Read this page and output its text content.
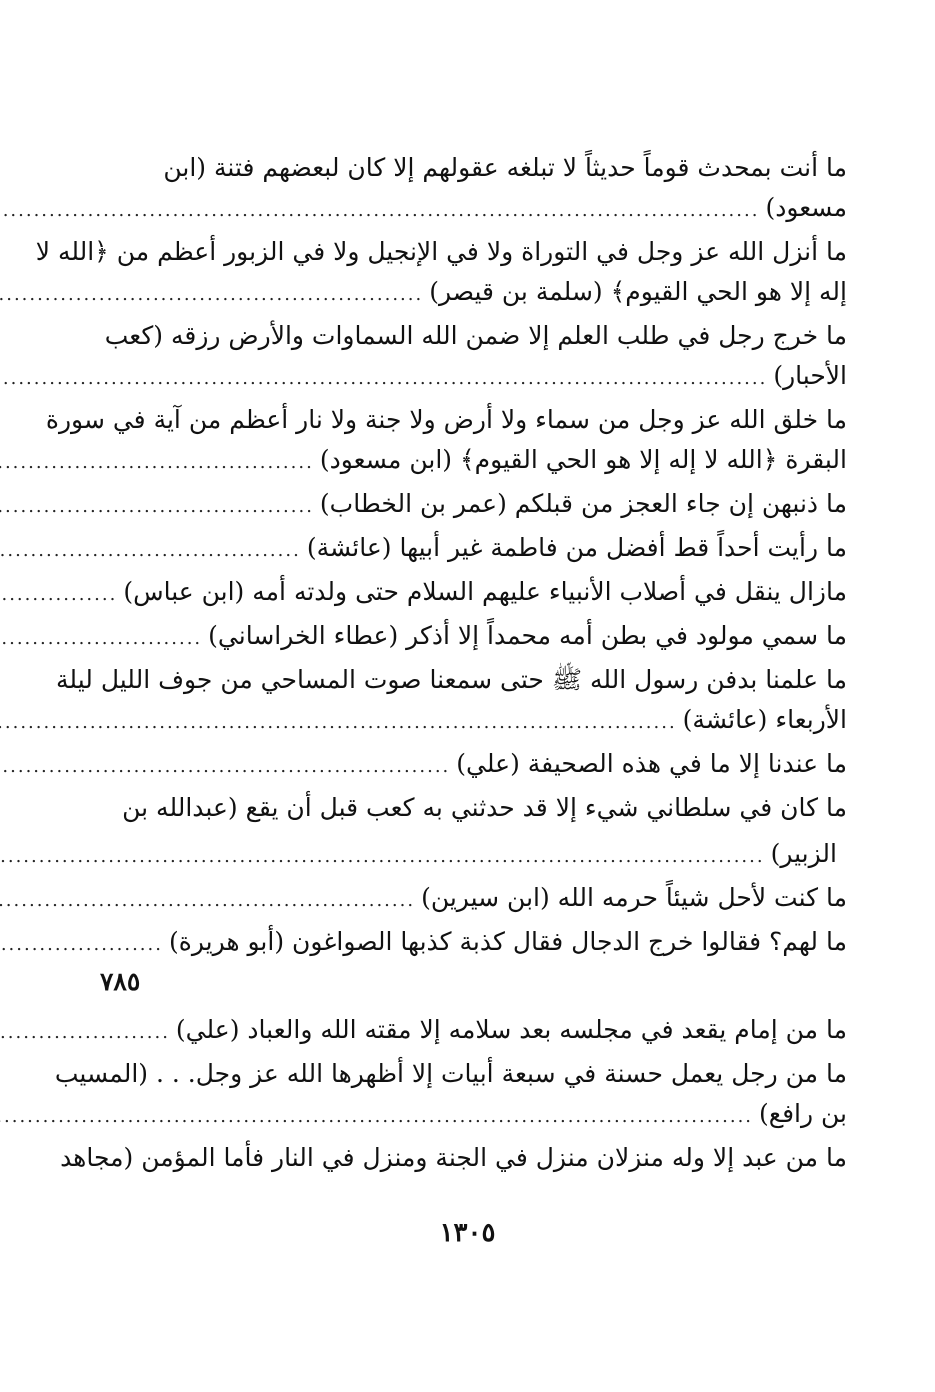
ما أنت بمحدث قوماً حديثاً لا تبلغه عقولهم إلا كان لبعضهم فتنة (ابن
مسعود)
.....
ما أنزل الله عز وجل في التوراة ولا في الإنجيل ولا في الزبور أعظم من ﴿الله لا
إله إلا هو الحي القيوم﴾ (سلمة بن قيصر)
.....
ما خرج رجل في طلب العلم إلا ضمن الله السماوات والأرض رزقه (كعب
الأحبار)
.....
ما خلق الله عز وجل من سماء ولا أرض ولا جنة ولا نار أعظم من آية في سورة
البقرة ﴿الله لا إله إلا هو الحي القيوم﴾ (ابن مسعود)
.....
ما ذنبهن إن جاء العجز من قبلكم (عمر بن الخطاب)
.....
ما رأيت أحداً قط أفضل من فاطمة غير أبيها (عائشة)
.....
مازال ينقل في أصلاب الأنبياء عليهم السلام حتى ولدته أمه (ابن عباس)
.....
ما سمي مولود في بطن أمه محمداً إلا أذكر (عطاء الخراساني)
.....
ما علمنا بدفن رسول الله ﷺ حتى سمعنا صوت المساحي من جوف الليل ليلة
الأربعاء (عائشة)
.....
ما عندنا إلا ما في هذه الصحيفة (علي)
.....
ما كان في سلطاني شيء إلا قد حدثني به كعب قبل أن يقع (عبدالله بن
الزبير)
.....
ما كنت لأحل شيئاً حرمه الله (ابن سيرين)
.....
ما لهم؟ فقالوا خرج الدجال فقال كذبة كذبها الصواغون (أبو هريرة)
.....
٧٨٥
ما من إمام يقعد في مجلسه بعد سلامه إلا مقته الله والعباد (علي)
.....
ما من رجل يعمل حسنة في سبعة أبيات إلا أظهرها الله عز وجل. . . (المسيب
بن رافع)
.....
ما من عبد إلا وله منزلان منزل في الجنة ومنزل في النار فأما المؤمن (مجاهد
١٣٠٥
